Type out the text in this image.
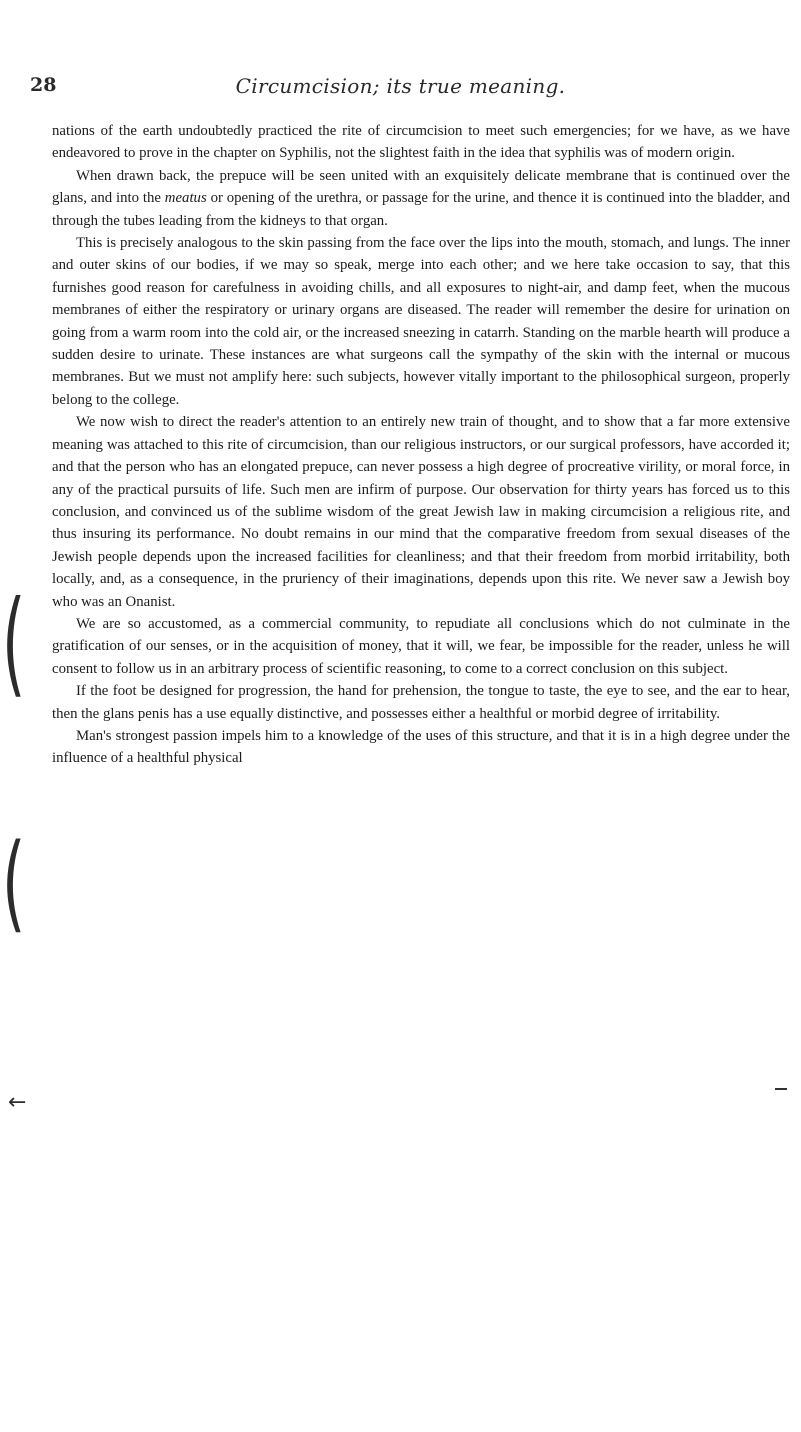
28	Circumcision; its true meaning.

nations of the earth undoubtedly practiced the rite of circumcision to meet such emergencies; for we have, as we have endeavored to prove in the chapter on Syphilis, not the slightest faith in the idea that syphilis was of modern origin.

When drawn back, the prepuce will be seen united with an exquisitely delicate membrane that is continued over the glans, and into the meatus or opening of the urethra, or passage for the urine, and thence it is continued into the bladder, and through the tubes leading from the kidneys to that organ.

This is precisely analogous to the skin passing from the face over the lips into the mouth, stomach, and lungs. The inner and outer skins of our bodies, if we may so speak, merge into each other; and we here take occasion to say, that this furnishes good reason for carefulness in avoiding chills, and all exposures to night-air, and damp feet, when the mucous membranes of either the respiratory or urinary organs are diseased. The reader will remember the desire for urination on going from a warm room into the cold air, or the increased sneezing in catarrh. Standing on the marble hearth will produce a sudden desire to urinate. These instances are what surgeons call the sympathy of the skin with the internal or mucous membranes. But we must not amplify here: such subjects, however vitally important to the philosophical surgeon, properly belong to the college.

We now wish to direct the reader's attention to an entirely new train of thought, and to show that a far more extensive meaning was attached to this rite of circumcision, than our religious instructors, or our surgical professors, have accorded it; and that the person who has an elongated prepuce, can never possess a high degree of procreative virility, or moral force, in any of the practical pursuits of life. Such men are infirm of purpose. Our observation for thirty years has forced us to this conclusion, and convinced us of the sublime wisdom of the great Jewish law in making circumcision a religious rite, and thus insuring its performance. No doubt remains in our mind that the comparative freedom from sexual diseases of the Jewish people depends upon the increased facilities for cleanliness; and that their freedom from morbid irritability, both locally, and, as a consequence, in the pruriency of their imaginations, depends upon this rite. We never saw a Jewish boy who was an Onanist.

We are so accustomed, as a commercial community, to repudiate all conclusions which do not culminate in the gratification of our senses, or in the acquisition of money, that it will, we fear, be impossible for the reader, unless he will consent to follow us in an arbitrary process of scientific reasoning, to come to a correct conclusion on this subject.

If the foot be designed for progression, the hand for prehension, the tongue to taste, the eye to see, and the ear to hear, then the glans penis has a use equally distinctive, and possesses either a healthful or morbid degree of irritability.

Man's strongest passion impels him to a knowledge of the uses of this structure, and that it is in a high degree under the influence of a healthful physical

(
(
←
